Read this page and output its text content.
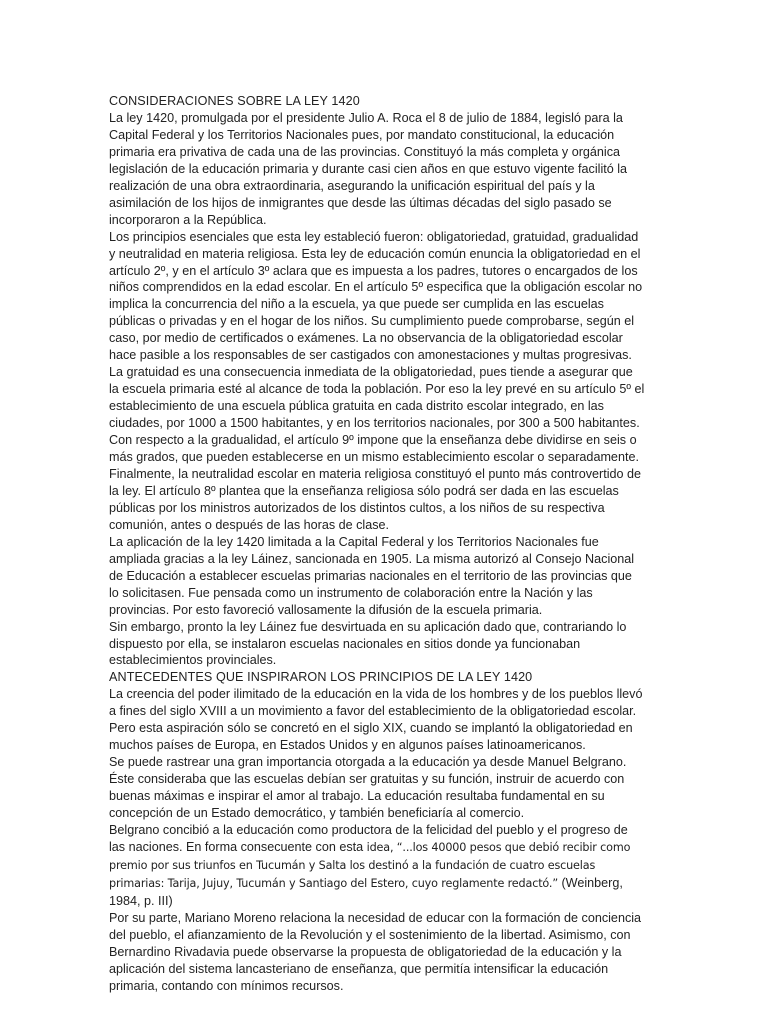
CONSIDERACIONES SOBRE LA LEY 1420

La ley 1420, promulgada por el presidente Julio A. Roca el 8 de julio de 1884, legisló para la
Capital Federal y los Territorios Nacionales pues, por mandato constitucional, la educación
primaria era privativa de cada una de las provincias. Constituyó la más completa y orgánica
legislación de la educación primaria y durante casi cien años en que estuvo vigente facilitó la
realización de una obra extraordinaria, asegurando la unificación espiritual del país y la
asimilación de los hijos de inmigrantes que desde las últimas décadas del siglo pasado se
incorporaron a la República.

Los principios esenciales que esta ley estableció fueron: obligatoriedad, gratuidad, gradualidad
y neutralidad en materia religiosa. Esta ley de educación común enuncia la obligatoriedad en el
artículo 2º, y en el artículo 3º aclara que es impuesta a los padres, tutores o encargados de los
niños comprendidos en la edad escolar. En el artículo 5º especifica que la obligación escolar no
implica la concurrencia del niño a la escuela, ya que puede ser cumplida en las escuelas
públicas o privadas y en el hogar de los niños. Su cumplimiento puede comprobarse, según el
caso, por medio de certificados o exámenes. La no observancia de la obligatoriedad escolar
hace pasible a los responsables de ser castigados con amonestaciones y multas progresivas.

La gratuidad es una consecuencia inmediata de la obligatoriedad, pues tiende a asegurar que
la escuela primaria esté al alcance de toda la población. Por eso la ley prevé en su artículo 5º el
establecimiento de una escuela pública gratuita en cada distrito escolar integrado, en las
ciudades, por 1000 a 1500 habitantes, y en los territorios nacionales, por 300 a 500 habitantes.

Con respecto a la gradualidad, el artículo 9º impone que la enseñanza debe dividirse en seis o
más grados, que pueden establecerse en un mismo establecimiento escolar o separadamente.

Finalmente, la neutralidad escolar en materia religiosa constituyó el punto más controvertido de
la ley. El artículo 8º plantea que la enseñanza religiosa sólo podrá ser dada en las escuelas
públicas por los ministros autorizados de los distintos cultos, a los niños de su respectiva
comunión, antes o después de las horas de clase.

La aplicación de la ley 1420 limitada a la Capital Federal y los Territorios Nacionales fue
ampliada gracias a la ley Láinez, sancionada en 1905. La misma autorizó al Consejo Nacional
de Educación a establecer escuelas primarias nacionales en el territorio de las provincias que
lo solicitasen. Fue pensada como un instrumento de colaboración entre la Nación y las
provincias. Por esto favoreció vallosamente la difusión de la escuela primaria.

Sin embargo, pronto la ley Láinez fue desvirtuada en su aplicación dado que, contrariando lo
dispuesto por ella, se instalaron escuelas nacionales en sitios donde ya funcionaban
establecimientos provinciales.

ANTECEDENTES QUE INSPIRARON LOS PRINCIPIOS DE LA LEY 1420

La creencia del poder ilimitado de la educación en la vida de los hombres y de los pueblos llevó
a fines del siglo XVIII a un movimiento a favor del establecimiento de la obligatoriedad escolar.
Pero esta aspiración sólo se concretó en el siglo XIX, cuando se implantó la obligatoriedad en
muchos países de Europa, en Estados Unidos y en algunos países latinoamericanos.

Se puede rastrear una gran importancia otorgada a la educación ya desde Manuel Belgrano.
Éste consideraba que las escuelas debían ser gratuitas y su función, instruir de acuerdo con
buenas máximas e inspirar el amor al trabajo. La educación resultaba fundamental en su
concepción de un Estado democrático, y también beneficiaría al comercio.

Belgrano concibió a la educación como productora de la felicidad del pueblo y el progreso de
las naciones. En forma consecuente con esta idea, “...los 40000 pesos que debió recibir como
premio por sus triunfos en Tucumán y Salta los destinó a la fundación de cuatro escuelas
primarias: Tarija, Jujuy, Tucumán y Santiago del Estero, cuyo reglamente redactó.” (Weinberg,
1984, p. III)

Por su parte, Mariano Moreno relaciona la necesidad de educar con la formación de conciencia
del pueblo, el afianzamiento de la Revolución y el sostenimiento de la libertad. Asimismo, con
Bernardino Rivadavia puede observarse la propuesta de obligatoriedad de la educación y la
aplicación del sistema lancasteriano de enseñanza, que permitía intensificar la educación
primaria, contando con mínimos recursos.
